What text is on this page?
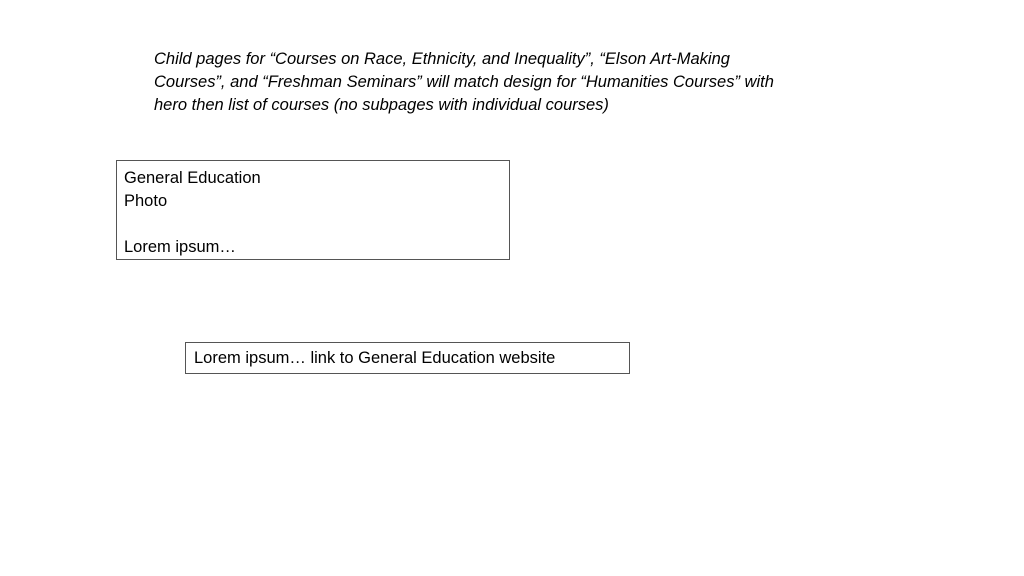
Child pages for “Courses on Race, Ethnicity, and Inequality”, “Elson Art-Making
Courses”, and “Freshman Seminars” will match design for “Humanities Courses” with
hero then list of courses (no subpages with individual courses)

General Education
Photo
Lorem ipsum…
Lorem ipsum… link to General Education website
